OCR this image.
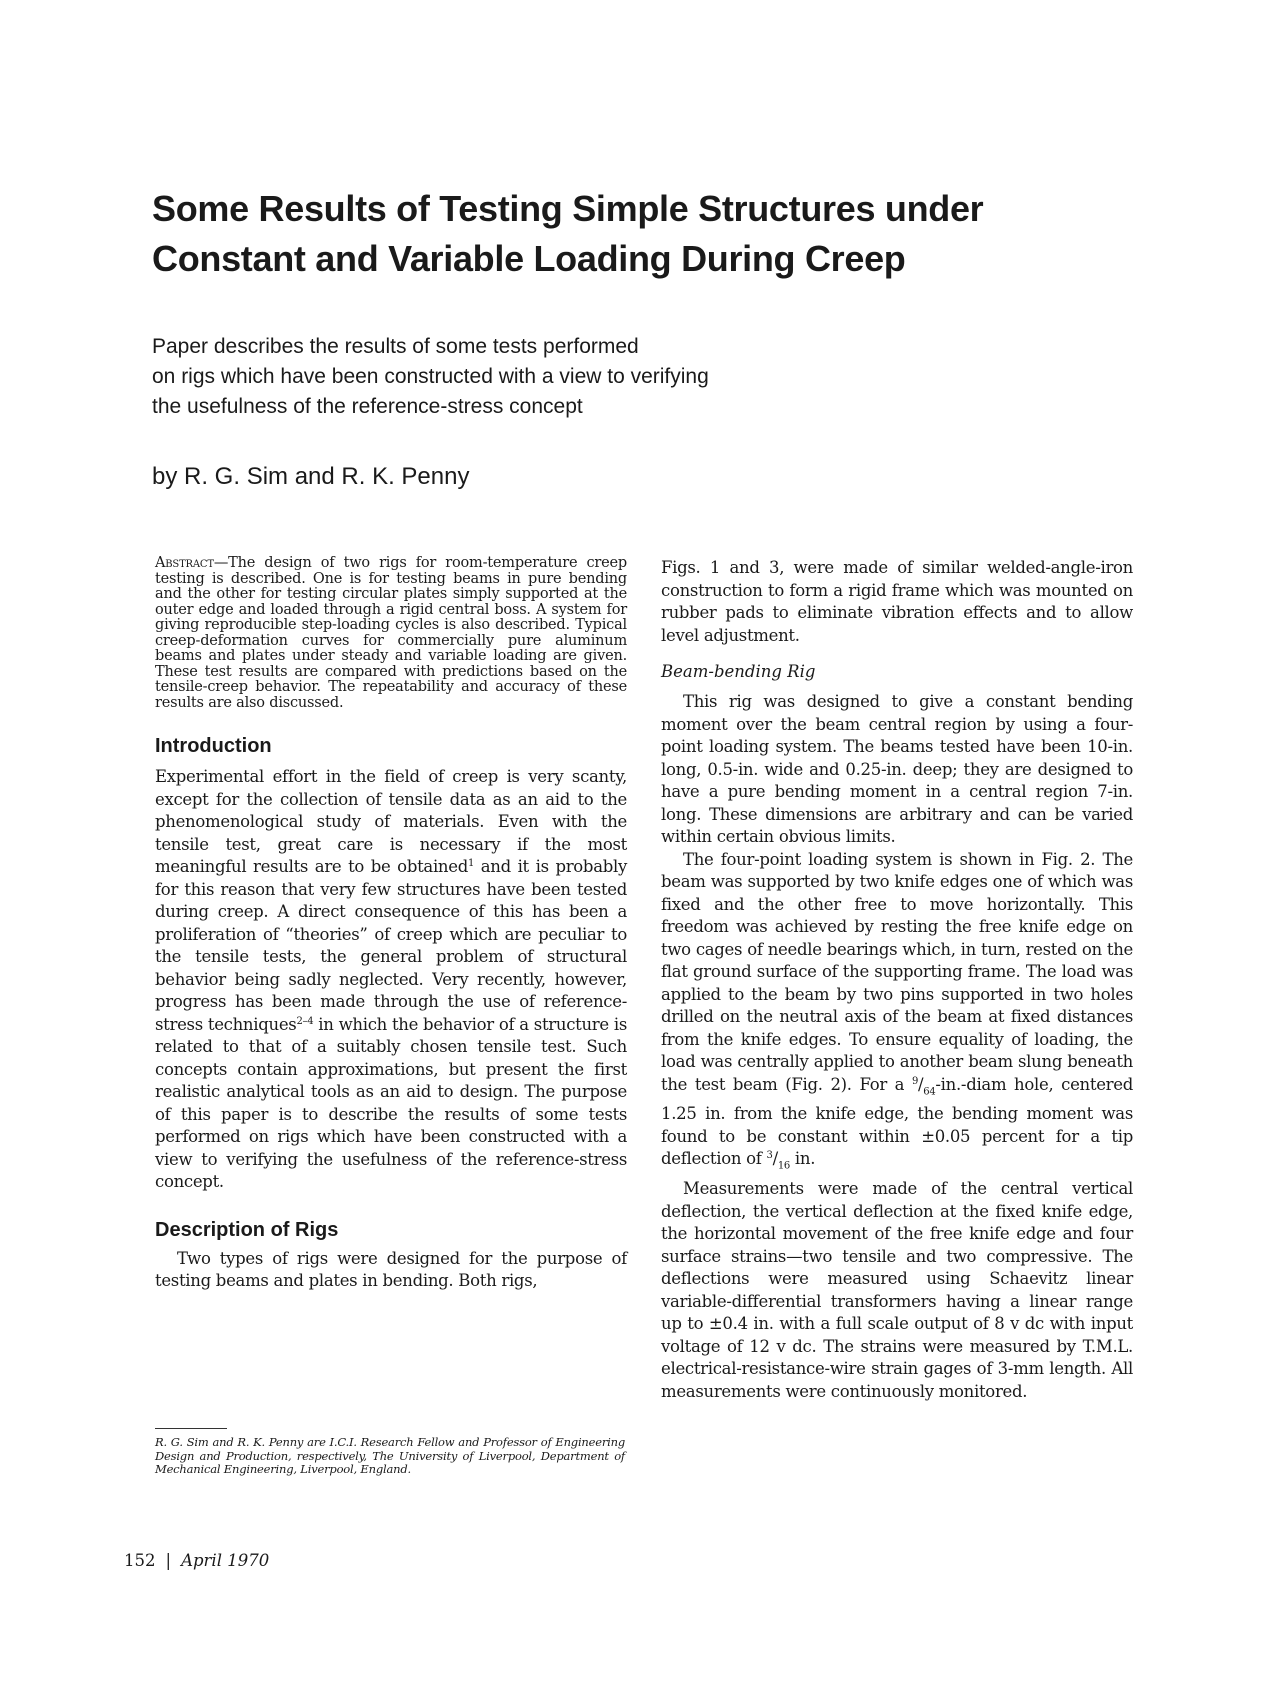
Some Results of Testing Simple Structures under
Constant and Variable Loading During Creep

Paper describes the results of some tests performed
on rigs which have been constructed with a view to verifying
the usefulness of the reference-stress concept

by R. G. Sim and R. K. Penny

Abstract—The design of two rigs for room-temperature creep testing is described. One is for testing beams in pure bending and the other for testing circular plates simply supported at the outer edge and loaded through a rigid central boss. A system for giving reproducible step-loading cycles is also described. Typical creep-deformation curves for commercially pure aluminum beams and plates under steady and variable loading are given. These test results are compared with predictions based on the tensile-creep behavior. The repeatability and accuracy of these results are also discussed.

Introduction

Experimental effort in the field of creep is very scanty, except for the collection of tensile data as an aid to the phenomenological study of materials. Even with the tensile test, great care is necessary if the most meaningful results are to be obtained$^1$ and it is probably for this reason that very few structures have been tested during creep. A direct consequence of this has been a proliferation of “theories” of creep which are peculiar to the tensile tests, the general problem of structural behavior being sadly neglected. Very recently, however, progress has been made through the use of reference-stress techniques$^{2-4}$ in which the behavior of a structure is related to that of a suitably chosen tensile test. Such concepts contain approximations, but present the first realistic analytical tools as an aid to design. The purpose of this paper is to describe the results of some tests performed on rigs which have been constructed with a view to verifying the usefulness of the reference-stress concept.

Description of Rigs

Two types of rigs were designed for the purpose of testing beams and plates in bending. Both rigs,

Figs. 1 and 3, were made of similar welded-angle-iron construction to form a rigid frame which was mounted on rubber pads to eliminate vibration effects and to allow level adjustment.

Beam-bending Rig

This rig was designed to give a constant bending moment over the beam central region by using a four-point loading system. The beams tested have been 10-in. long, 0.5-in. wide and 0.25-in. deep; they are designed to have a pure bending moment in a central region 7-in. long. These dimensions are arbitrary and can be varied within certain obvious limits.

The four-point loading system is shown in Fig. 2. The beam was supported by two knife edges one of which was fixed and the other free to move horizontally. This freedom was achieved by resting the free knife edge on two cages of needle bearings which, in turn, rested on the flat ground surface of the supporting frame. The load was applied to the beam by two pins supported in two holes drilled on the neutral axis of the beam at fixed distances from the knife edges. To ensure equality of loading, the load was centrally applied to another beam slung beneath the test beam (Fig. 2). For a $^9/_{64}-in$.-diam hole, centered 1.25 in. from the knife edge, the bending moment was found to be constant within ±0.05 percent for a tip deflection of $^3/_{16}$ in.

Measurements were made of the central vertical deflection, the vertical deflection at the fixed knife edge, the horizontal movement of the free knife edge and four surface strains—two tensile and two compressive. The deflections were measured using Schaevitz linear variable-differential transformers having a linear range up to ±0.4 in. with a full scale output of 8 v dc with input voltage of 12 v dc. The strains were measured by T.M.L. electrical-resistance-wire strain gages of 3-mm length. All measurements were continuously monitored.

R. G. Sim and R. K. Penny are I.C.I. Research Fellow and Professor of Engineering Design and Production, respectively, The University of Liverpool, Department of Mechanical Engineering, Liverpool, England.

152 | April 1970
